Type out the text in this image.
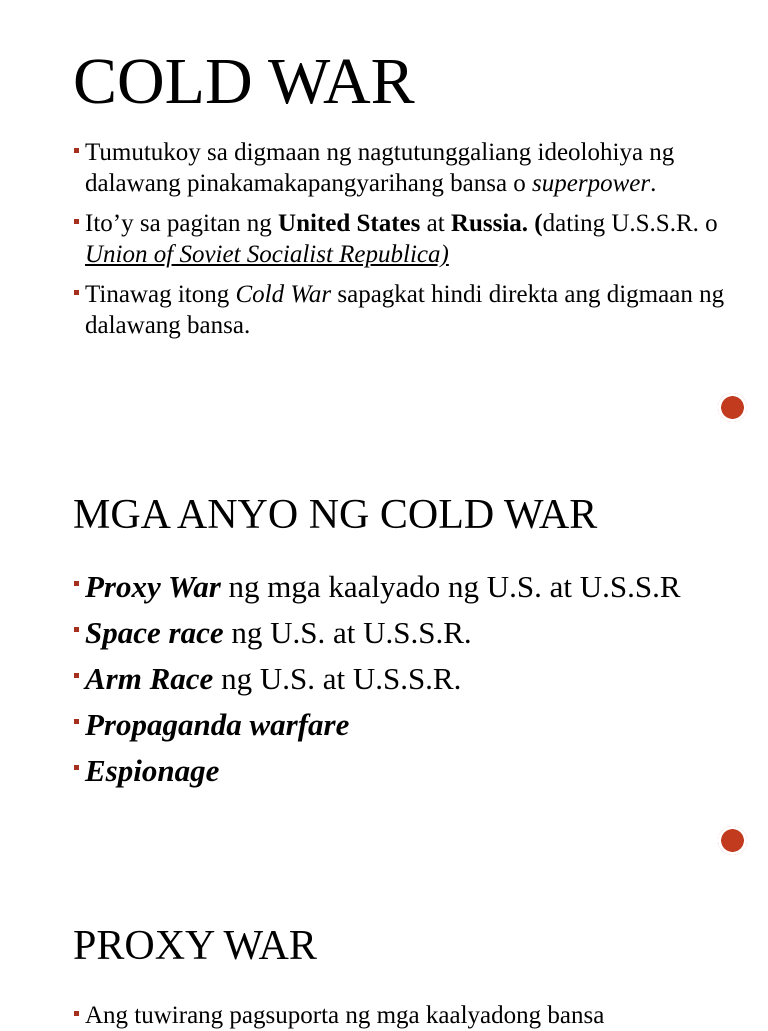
COLD WAR
Tumutukoy sa digmaan ng nagtutunggaliang ideolohiya ng dalawang pinakamakapangyarihang bansa o superpower.
Ito’y sa pagitan ng United States at Russia. (dating U.S.S.R. o Union of Soviet Socialist Republica)
Tinawag itong Cold War sapagkat hindi direkta ang digmaan ng dalawang bansa.
MGA ANYO NG COLD WAR
Proxy War ng mga kaalyado ng U.S. at U.S.S.R
Space race ng U.S. at U.S.S.R.
Arm Race ng U.S. at U.S.S.R.
Propaganda warfare
Espionage
PROXY WAR
Ang tuwirang pagsuporta ng mga kaalyadong bansa
